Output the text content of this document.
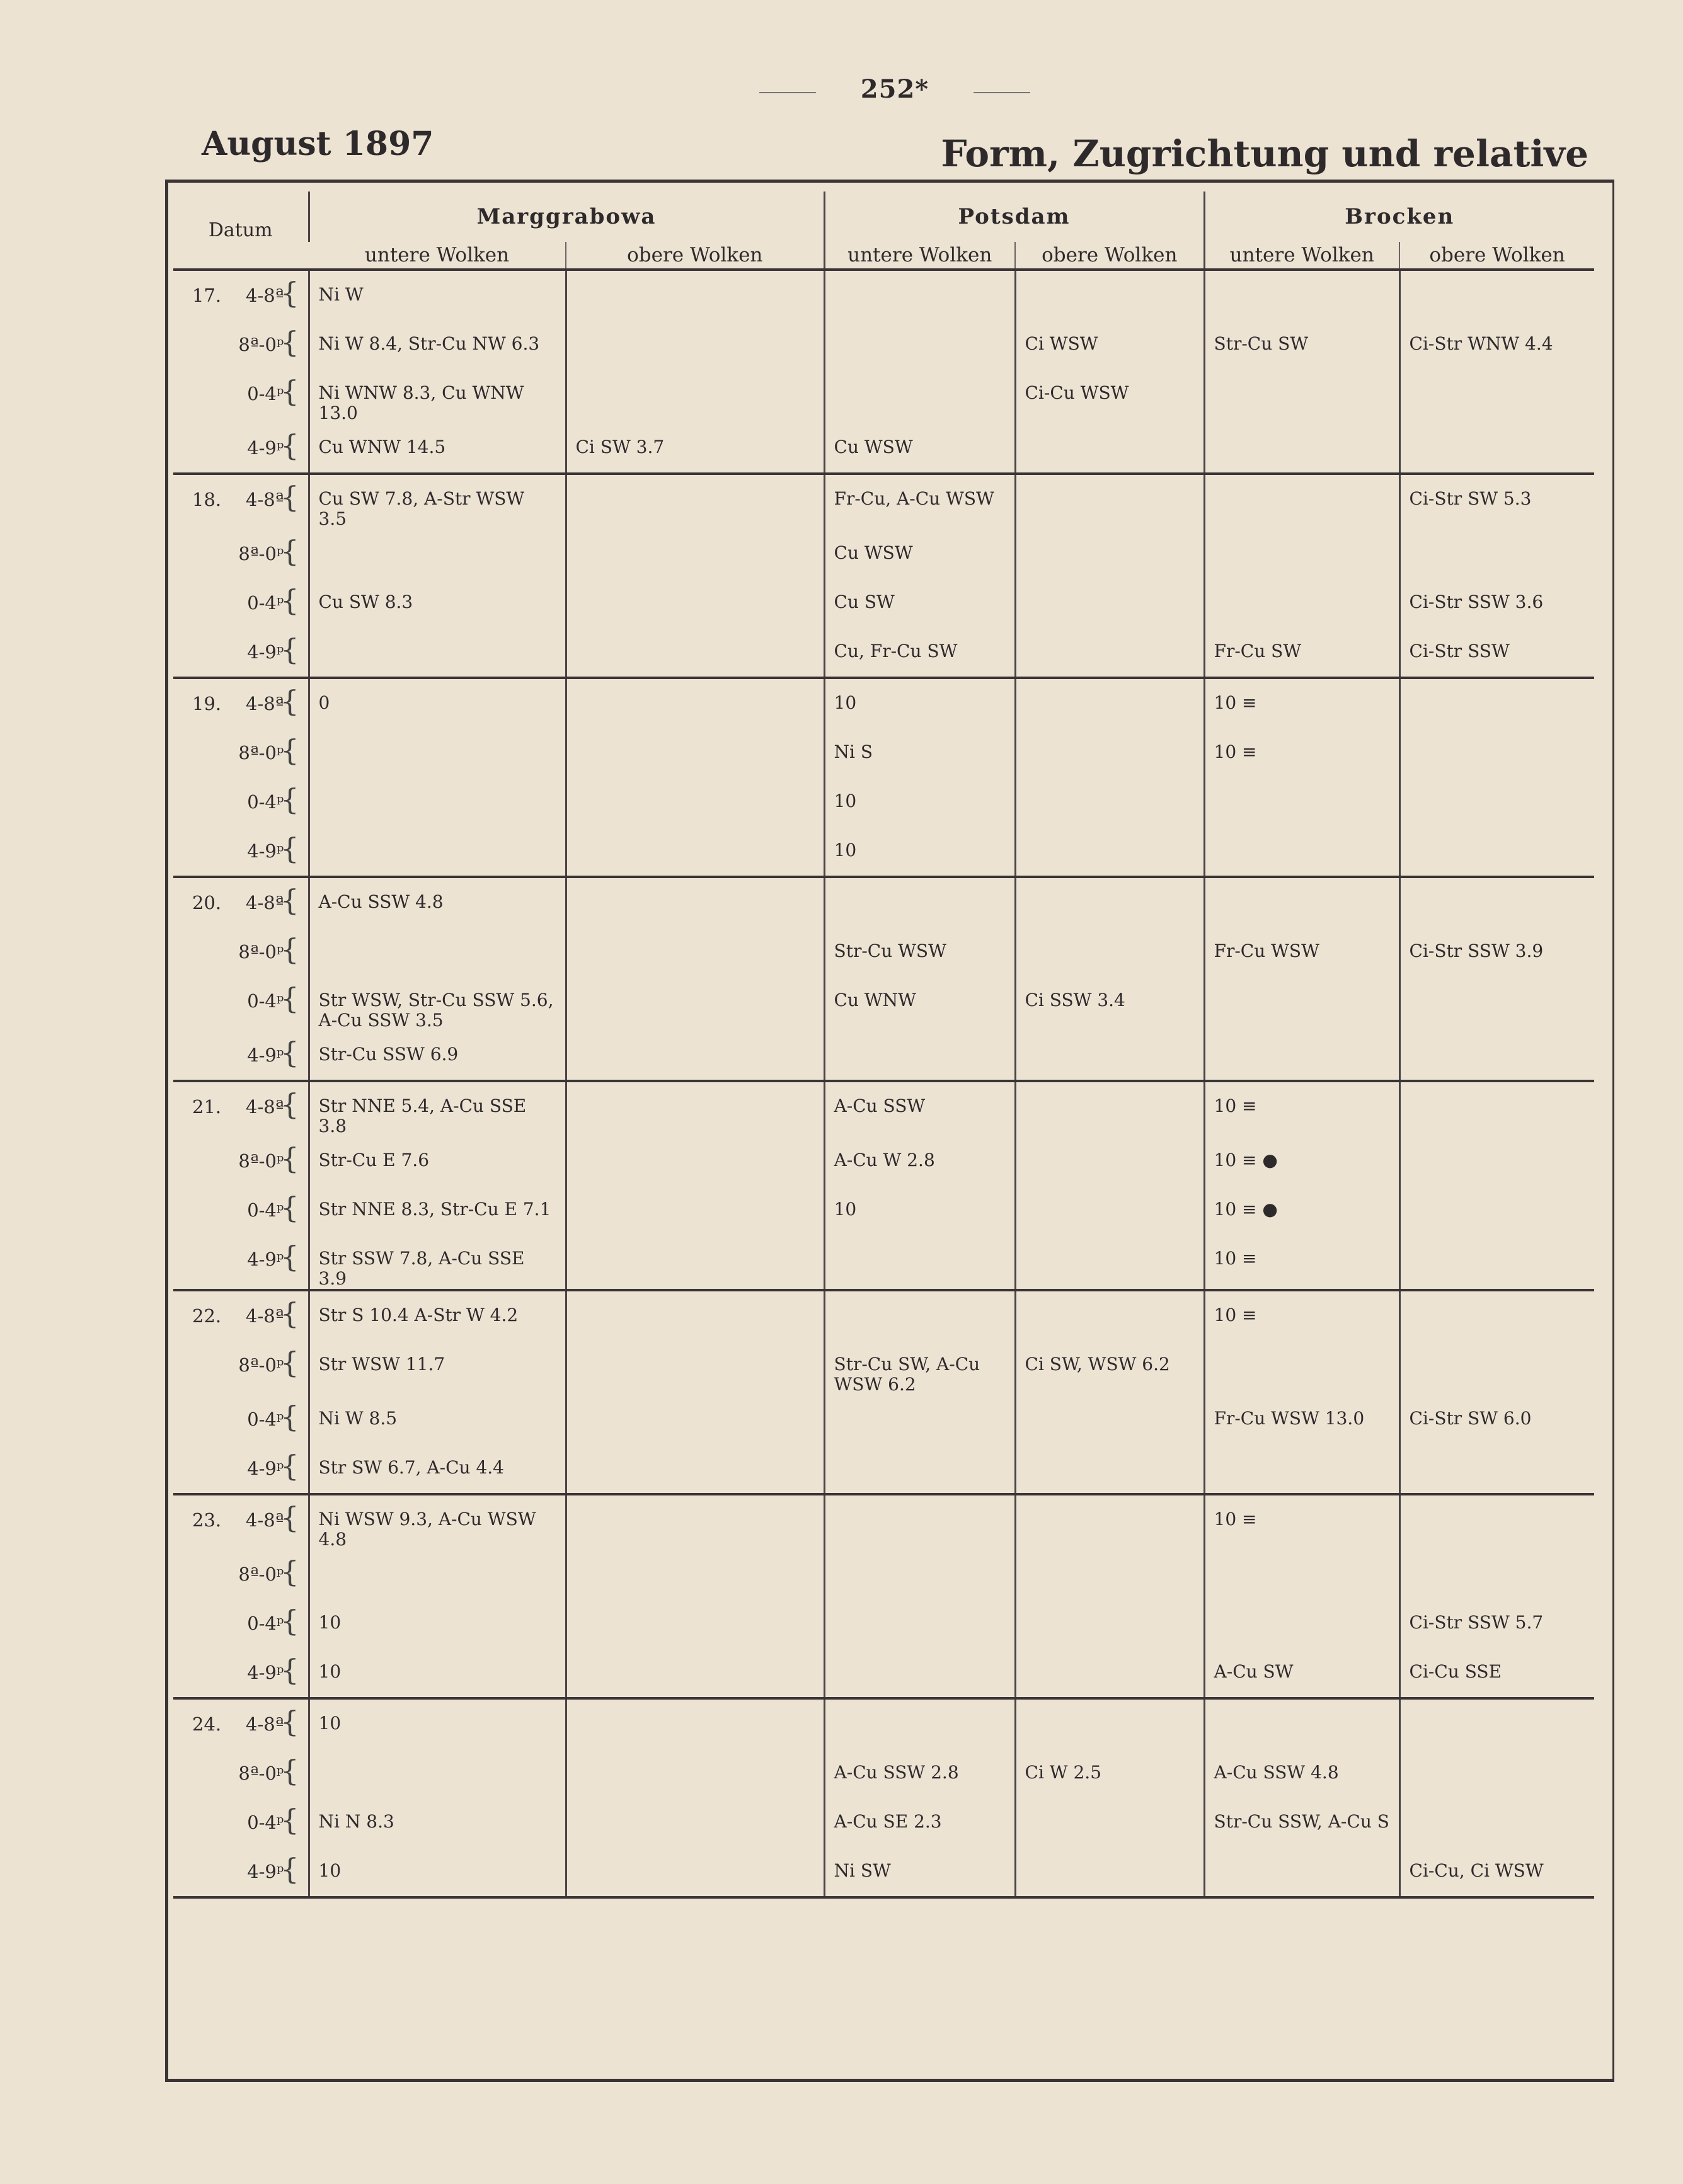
252*
August 1897	Form, Zugrichtung und relative
Datum	Marggrabowa		Potsdam		Brocken	
	untere Wolken	obere Wolken	untere Wolken	obere Wolken	untere Wolken	obere Wolken

17. 4-8ª
{	Ni W					

8ª-0ᵖ
{	Ni W 8.4, Str-Cu NW 6.3			Ci WSW	Str-Cu SW	Ci-Str WNW 4.4

0-4ᵖ
{	Ni WNW 8.3, Cu WNW 13.0			Ci-Cu WSW		

4-9ᵖ
{	Cu WNW 14.5	Ci SW 3.7	Cu WSW			

18. 4-8ª
{	Cu SW 7.8, A-Str WSW 3.5		Fr-Cu, A-Cu WSW			Ci-Str SW 5.3

8ª-0ᵖ
{			Cu WSW			

0-4ᵖ
{	Cu SW 8.3		Cu SW			Ci-Str SSW 3.6

4-9ᵖ
{			Cu, Fr-Cu SW		Fr-Cu SW	Ci-Str SSW

19. 4-8ª
{	0		10		10 ≡	

8ª-0ᵖ
{			Ni S		10 ≡	

0-4ᵖ
{			10			

4-9ᵖ
{			10			

20. 4-8ª
{	A-Cu SSW 4.8					

8ª-0ᵖ
{			Str-Cu WSW		Fr-Cu WSW	Ci-Str SSW 3.9

0-4ᵖ
{	Str WSW, Str-Cu SSW 5.6, A-Cu SSW 3.5		Cu WNW	Ci SSW 3.4		

4-9ᵖ
{	Str-Cu SSW 6.9					

21. 4-8ª
{	Str NNE 5.4, A-Cu SSE 3.8		A-Cu SSW		10 ≡	

8ª-0ᵖ
{	Str-Cu E 7.6		A-Cu W 2.8		10 ≡ ●	

0-4ᵖ
{	Str NNE 8.3, Str-Cu E 7.1		10		10 ≡ ●	

4-9ᵖ
{	Str SSW 7.8, A-Cu SSE 3.9				10 ≡	

22. 4-8ª
{	Str S 10.4 A-Str W 4.2				10 ≡	

8ª-0ᵖ
{	Str WSW 11.7		Str-Cu SW, A-Cu WSW 6.2	Ci SW, WSW 6.2		

0-4ᵖ
{	Ni W 8.5				Fr-Cu WSW 13.0	Ci-Str SW 6.0

4-9ᵖ
{	Str SW 6.7, A-Cu 4.4					

23. 4-8ª
{	Ni WSW 9.3, A-Cu WSW 4.8				10 ≡	

8ª-0ᵖ
{						

0-4ᵖ
{	10					Ci-Str SSW 5.7

4-9ᵖ
{	10				A-Cu SW	Ci-Cu SSE

24. 4-8ª
{	10					

8ª-0ᵖ
{			A-Cu SSW 2.8	Ci W 2.5	A-Cu SSW 4.8	

0-4ᵖ
{	Ni N 8.3		A-Cu SE 2.3		Str-Cu SSW, A-Cu S	

4-9ᵖ
{	10		Ni SW			Ci-Cu, Ci WSW
